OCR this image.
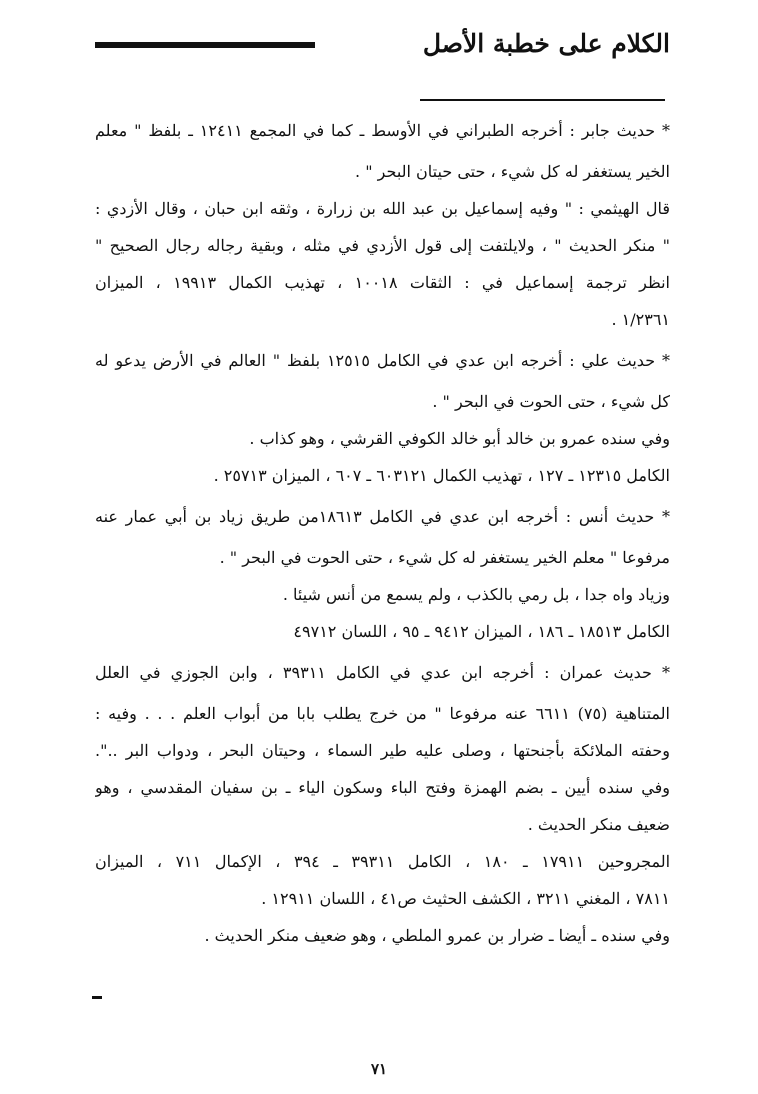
الكلام على خطبة الأصل
* حديث جابر : أخرجه الطبراني في الأوسط ـ كما في المجمع ١٢٤١١ ـ بلفظ " معلم
الخير يستغفر له كل شيء ، حتى حيتان البحر " .
قال الهيثمي : " وفيه إسماعيل بن عبد الله بن زرارة ، وثقه ابن حبان ، وقال الأزدي :
" منكر الحديث " ، ولايلتفت إلى قول الأزدي في مثله ، وبقية رجاله رجال الصحيح "
انظر ترجمة إسماعيل في : الثقات ١٠٠١٨ ، تهذيب الكمال ١٩٩١٣ ، الميزان
١/٢٣٦١ .
* حديث علي : أخرجه ابن عدي في الكامل ١٢٥١٥ بلفظ " العالم في الأرض يدعو له
كل شيء ، حتى الحوت في البحر " .
وفي سنده عمرو بن خالد أبو خالد الكوفي القرشي ، وهو كذاب .
الكامل ١٢٣١٥ ـ ١٢٧ ، تهذيب الكمال ٦٠٣١٢١ ـ ٦٠٧ ، الميزان ٢٥٧١٣ .
* حديث أنس : أخرجه ابن عدي في الكامل ١٨٦١٣من طريق زياد بن أبي عمار عنه
مرفوعا " معلم الخير يستغفر له كل شيء ، حتى الحوت في البحر " .
وزياد واه جدا ، بل رمي بالكذب ، ولم يسمع من أنس شيئا .
الكامل ١٨٥١٣ ـ ١٨٦ ، الميزان ٩٤١٢ ـ ٩٥ ، اللسان ٤٩٧١٢
* حديث عمران : أخرجه ابن عدي في الكامل ٣٩٣١١ ، وابن الجوزي في العلل
المتناهية (٧٥) ٦٦١١ عنه مرفوعا " من خرج يطلب بابا من أبواب العلم . . . وفيه :
وحفته الملائكة بأجنحتها ، وصلى عليه طير السماء ، وحيتان البحر ، ودواب البر ..".
وفي سنده أيين ـ بضم الهمزة وفتح الباء وسكون الياء ـ بن سفيان المقدسي ، وهو
ضعيف منكر الحديث .
المجروحين ١٧٩١١ ـ ١٨٠ ، الكامل ٣٩٣١١ ـ ٣٩٤ ، الإكمال ٧١١ ، الميزان
٧٨١١ ، المغني ٣٢١١ ، الكشف الحثيث ص٤١ ، اللسان ١٢٩١١ .
وفي سنده ـ أيضا ـ ضرار بن عمرو الملطي ، وهو ضعيف منكر الحديث .
٧١
